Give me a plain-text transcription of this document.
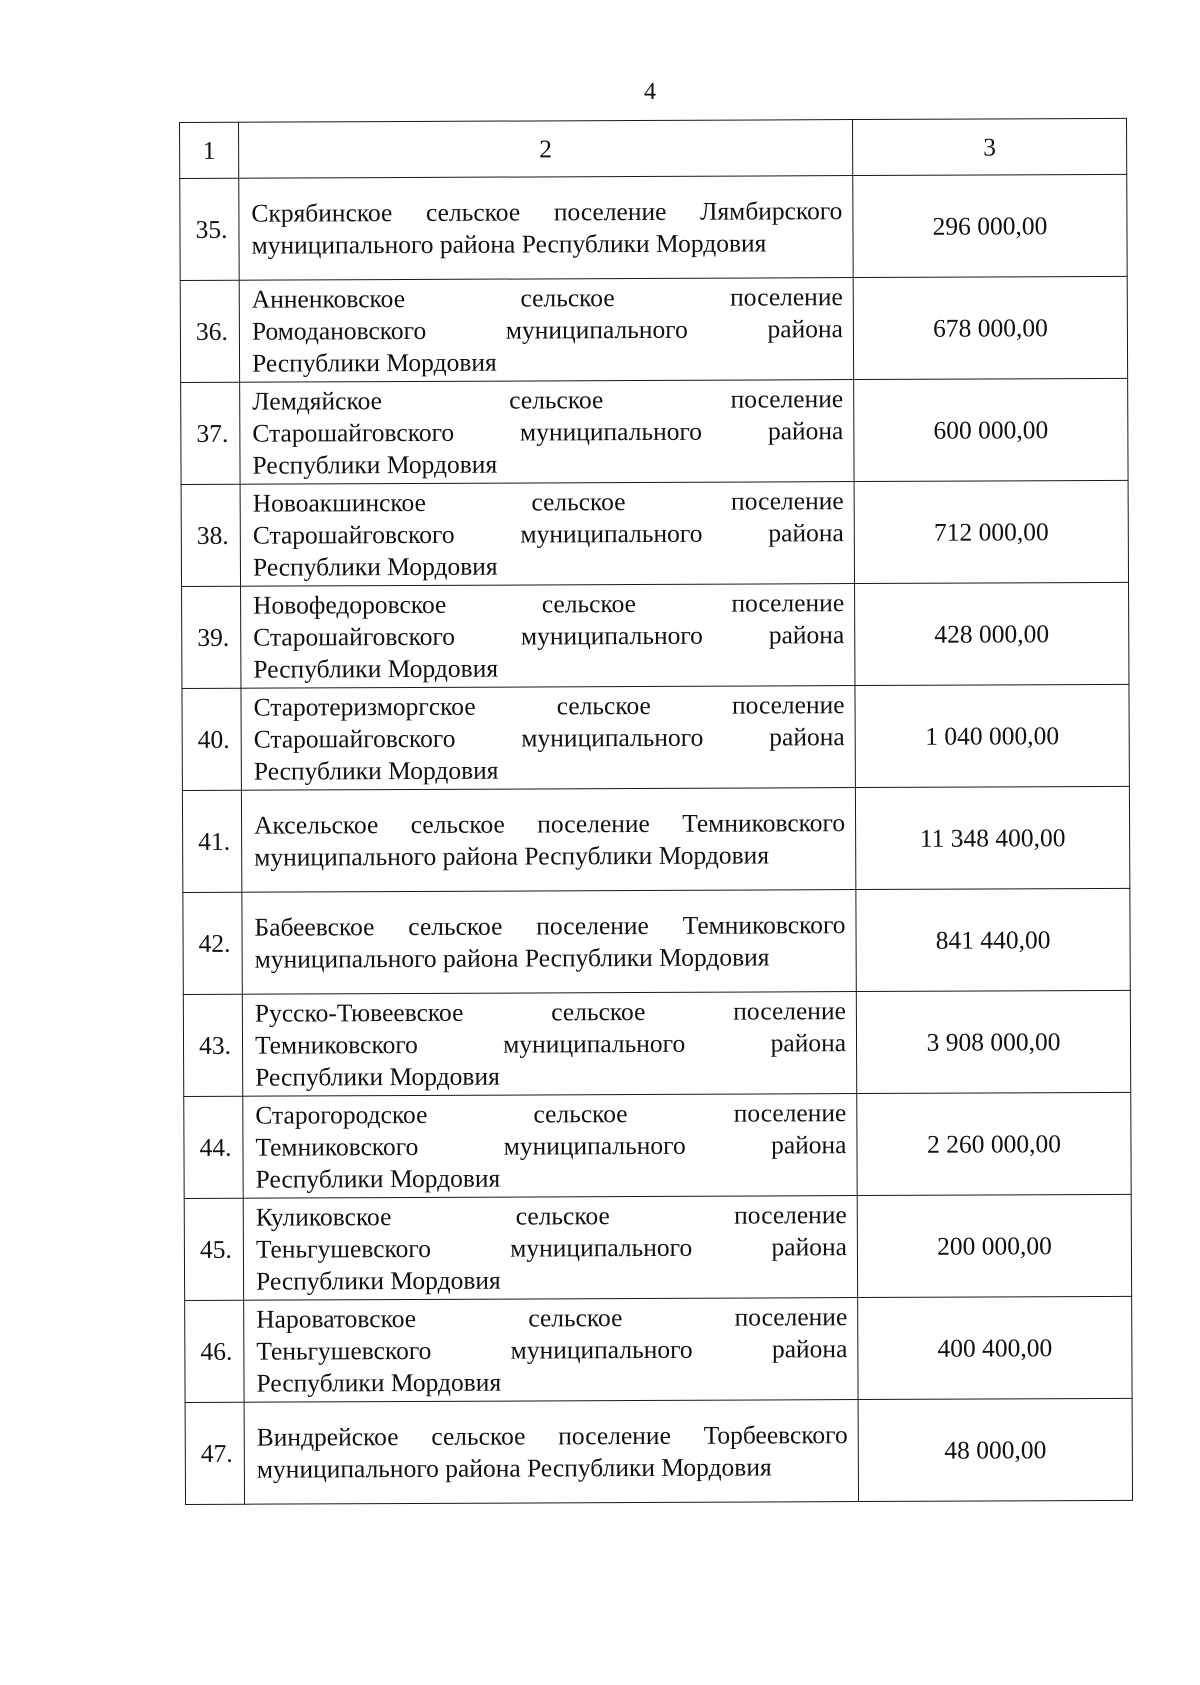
4
1	2	3
35.	Скрябинское сельское поселение Лямбирского
муниципального района Республики Мордовия	296 000,00
36.	Анненковское сельское поселение
Ромодановского муниципального района
Республики Мордовия	678 000,00
37.	Лемдяйское сельское поселение
Старошайговского муниципального района
Республики Мордовия	600 000,00
38.	Новоакшинское сельское поселение
Старошайговского муниципального района
Республики Мордовия	712 000,00
39.	Новофедоровское сельское поселение
Старошайговского муниципального района
Республики Мордовия	428 000,00
40.	Старотеризморгское сельское поселение
Старошайговского муниципального района
Республики Мордовия	1 040 000,00
41.	Аксельское сельское поселение Темниковского
муниципального района Республики Мордовия	11 348 400,00
42.	Бабеевское сельское поселение Темниковского
муниципального района Республики Мордовия	841 440,00
43.	Русско-Тювеевское сельское поселение
Темниковского муниципального района
Республики Мордовия	3 908 000,00
44.	Старогородское сельское поселение
Темниковского муниципального района
Республики Мордовия	2 260 000,00
45.	Куликовское сельское поселение
Теньгушевского муниципального района
Республики Мордовия	200 000,00
46.	Нароватовское сельское поселение
Теньгушевского муниципального района
Республики Мордовия	400 400,00
47.	Виндрейское сельское поселение Торбеевского
муниципального района Республики Мордовия	48 000,00
